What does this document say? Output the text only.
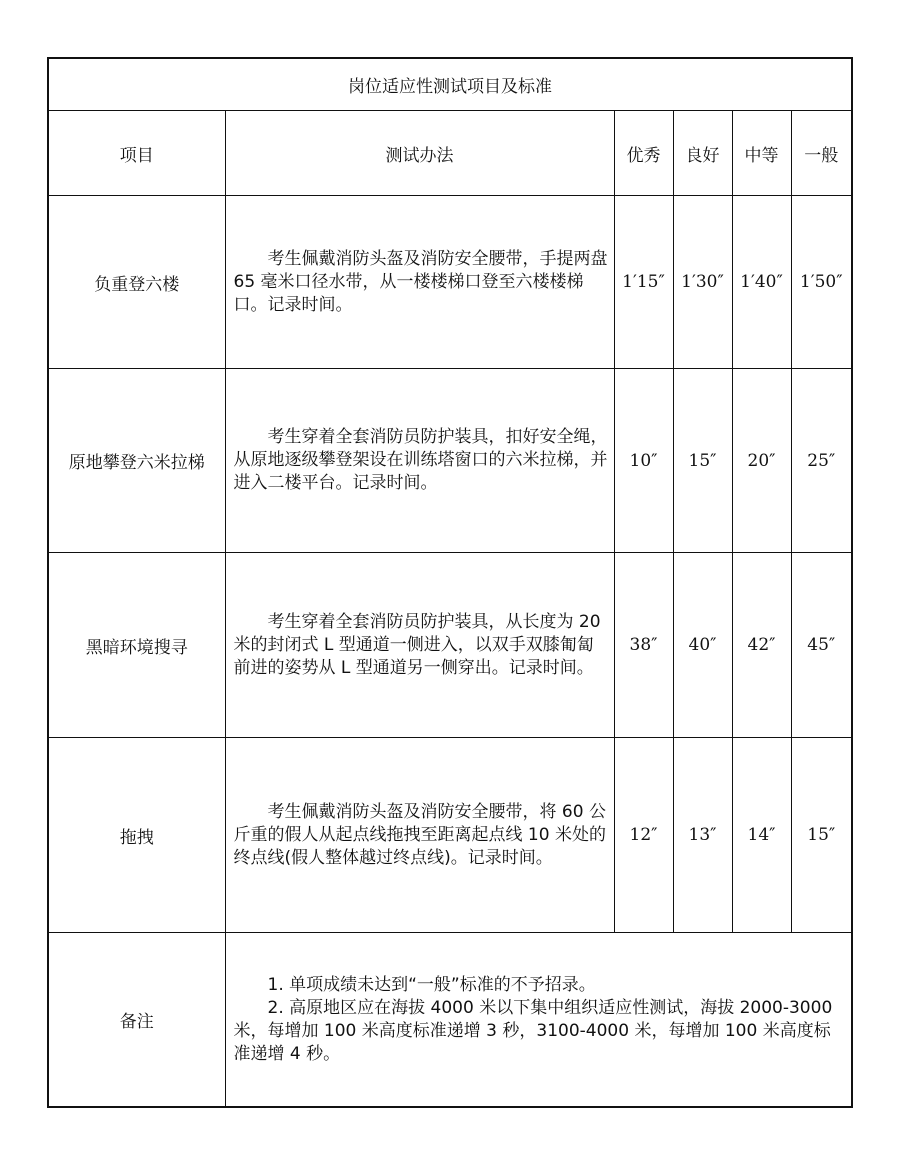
岗位适应性测试项目及标准					
项目	测试办法	优秀	良好	中等	一般
负重登六楼	考生佩戴消防头盔及消防安全腰带，手提两盘 65 毫米口径水带，从一楼楼梯口登至六楼楼梯口。记录时间。	1′15″	1′30″	1′40″	1′50″
原地攀登六米拉梯	考生穿着全套消防员防护装具，扣好安全绳，从原地逐级攀登架设在训练塔窗口的六米拉梯，并进入二楼平台。记录时间。	10″	15″	20″	25″
黑暗环境搜寻	考生穿着全套消防员防护装具，从长度为 20 米的封闭式 L 型通道一侧进入，以双手双膝匍匐前进的姿势从 L 型通道另一侧穿出。记录时间。	38″	40″	42″	45″
拖拽	考生佩戴消防头盔及消防安全腰带，将 60 公斤重的假人从起点线拖拽至距离起点线 10 米处的终点线(假人整体越过终点线)。记录时间。	12″	13″	14″	15″
备注	1. 单项成绩未达到“一般”标准的不予招录。

2. 高原地区应在海拔 4000 米以下集中组织适应性测试，海拔 2000-3000 米，每增加 100 米高度标准递增 3 秒，3100-4000 米，每增加 100 米高度标准递增 4 秒。				
